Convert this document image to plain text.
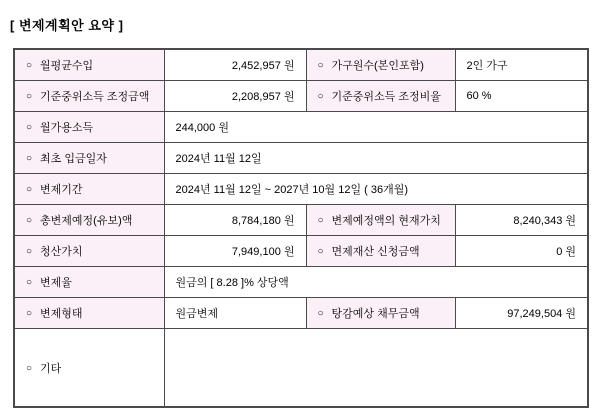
[ 변제계획안 요약 ]
○ 월평균수입	2,452,957 원	○ 가구원수(본인포함)	2인 가구
○ 기준중위소득 조정금액	2,208,957 원	○ 기준중위소득 조정비율	60 %
○ 월가용소득	244,000 원		
○ 최초 입금일자	2024년 11월 12일		
○ 변제기간	2024년 11월 12일 ~ 2027년 10월 12일 ( 36개월)		
○ 총변제예정(유보)액	8,784,180 원	○ 변제예정액의 현재가치	8,240,343 원
○ 청산가치	7,949,100 원	○ 면제재산 신청금액	0 원
○ 변제율	원금의 [ 8.28 ]% 상당액		
○ 변제형태	원금변제	○ 탕감예상 채무금액	97,249,504 원
○ 기타			
